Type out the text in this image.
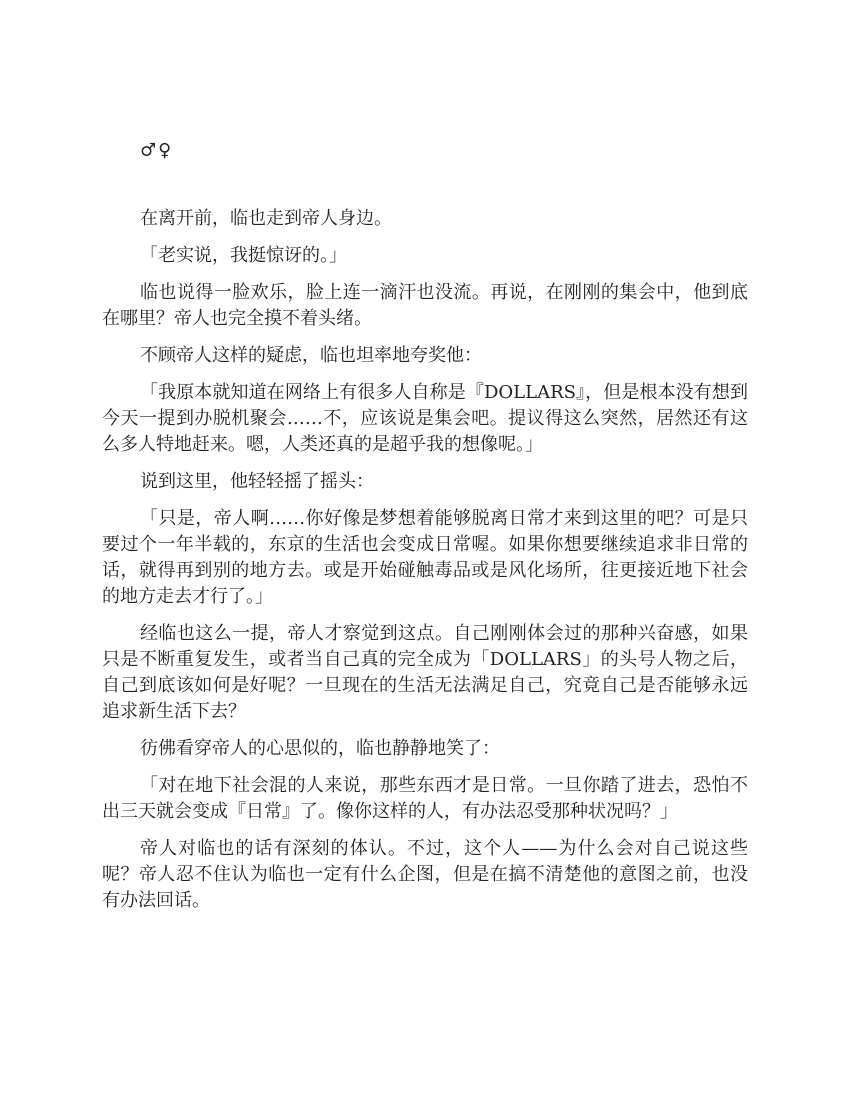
♂♀

在离开前，临也走到帝人身边。

「老实说，我挺惊讶的。」

临也说得一脸欢乐，脸上连一滴汗也没流。再说，在刚刚的集会中，他到底在哪里？帝人也完全摸不着头绪。

不顾帝人这样的疑虑，临也坦率地夸奖他：

「我原本就知道在网络上有很多人自称是『DOLLARS』，但是根本没有想到今天一提到办脱机聚会……不，应该说是集会吧。提议得这么突然，居然还有这么多人特地赶来。嗯，人类还真的是超乎我的想像呢。」

说到这里，他轻轻摇了摇头：

「只是，帝人啊……你好像是梦想着能够脱离日常才来到这里的吧？可是只要过个一年半载的，东京的生活也会变成日常喔。如果你想要继续追求非日常的话，就得再到别的地方去。或是开始碰触毒品或是风化场所，往更接近地下社会的地方走去才行了。」

经临也这么一提，帝人才察觉到这点。自己刚刚体会过的那种兴奋感，如果只是不断重复发生，或者当自己真的完全成为「DOLLARS」的头号人物之后，自己到底该如何是好呢？一旦现在的生活无法满足自己，究竟自己是否能够永远追求新生活下去？

彷佛看穿帝人的心思似的，临也静静地笑了：

「对在地下社会混的人来说，那些东西才是日常。一旦你踏了进去，恐怕不出三天就会变成『日常』了。像你这样的人，有办法忍受那种状况吗？」

帝人对临也的话有深刻的体认。不过，这个人——为什么会对自己说这些呢？帝人忍不住认为临也一定有什么企图，但是在搞不清楚他的意图之前，也没有办法回话。
